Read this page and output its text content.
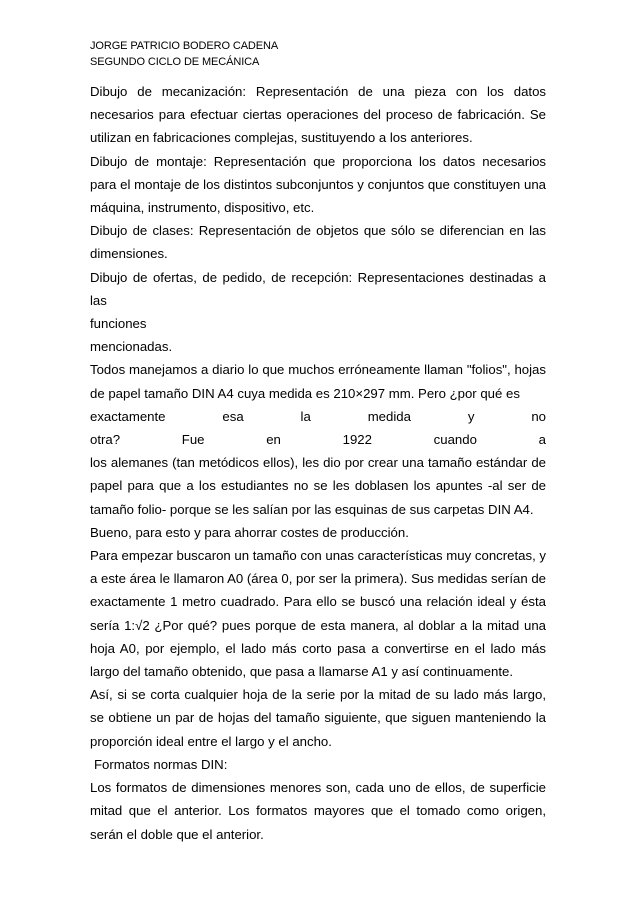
JORGE PATRICIO BODERO CADENA
SEGUNDO CICLO DE MECÁNICA

Dibujo de mecanización: Representación de una pieza con los datos necesarios para efectuar ciertas operaciones del proceso de fabricación. Se utilizan en fabricaciones complejas, sustituyendo a los anteriores.

Dibujo de montaje: Representación que proporciona los datos necesarios para el montaje de los distintos subconjuntos y conjuntos que constituyen una máquina, instrumento, dispositivo, etc.

Dibujo de clases: Representación de objetos que sólo se diferencian en las dimensiones.

Dibujo de ofertas, de pedido, de recepción: Representaciones destinadas a las

funciones

mencionadas.

Todos manejamos a diario lo que muchos erróneamente llaman "folios", hojas de papel tamaño DIN A4 cuya medida es 210×297 mm. Pero ¿por qué es

exactamente esa la medida y no

otra?	Fue en 1922 cuando a

los alemanes (tan metódicos ellos), les dio por crear una tamaño estándar de papel para que a los estudiantes no se les doblasen los apuntes -al ser de tamaño folio- porque se les salían por las esquinas de sus carpetas DIN A4.

Bueno, para esto y para ahorrar costes de producción.

Para empezar buscaron un tamaño con unas características muy concretas, y a este área le llamaron A0 (área 0, por ser la primera). Sus medidas serían de exactamente 1 metro cuadrado. Para ello se buscó una relación ideal y ésta sería 1:√2 ¿Por qué? pues porque de esta manera, al doblar a la mitad una hoja A0, por ejemplo, el lado más corto pasa a convertirse en el lado más largo del tamaño obtenido, que pasa a llamarse A1 y así continuamente.

Así, si se corta cualquier hoja de la serie por la mitad de su lado más largo, se obtiene un par de hojas del tamaño siguiente, que siguen manteniendo la proporción ideal entre el largo y el ancho.

Formatos normas DIN:

Los formatos de dimensiones menores son, cada uno de ellos, de superficie mitad que el anterior. Los formatos mayores que el tomado como origen, serán el doble que el anterior.
